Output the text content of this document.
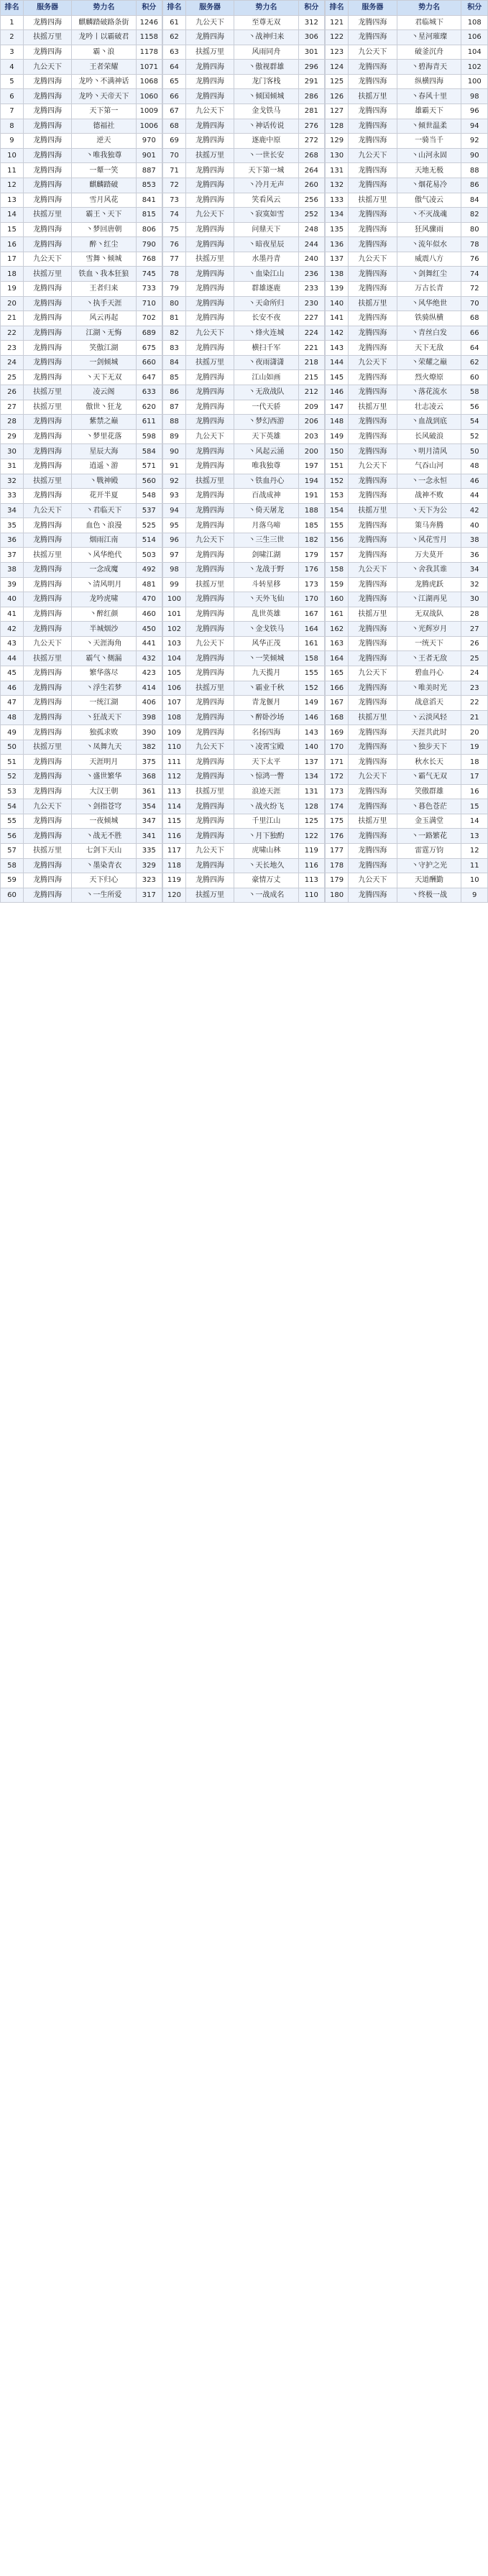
排名	服务器	势力名	积分
1	龙腾四海	麒麟踏破路条街	1246
2	扶摇万里	龙吟丨以霸破君	1158
3	龙腾四海	霸丶浪	1178
4	九公天下	王者荣耀	1071
5	龙腾四海	龙吟丶不满神话	1068
6	龙腾四海	龙吟丶天帝天下	1060
7	龙腾四海	天下第一	1009
8	龙腾四海	德福社	1006
9	龙腾四海	逆天	970
10	龙腾四海	丶唯我独尊	901
11	龙腾四海	一颦一笑	887
12	龙腾四海	麒麟踏破	853
13	龙腾四海	雪月风花	841
14	扶摇万里	霸王丶天下	815
15	龙腾四海	丶梦回唐朝	806
16	龙腾四海	醉丶红尘	790
17	九公天下	雪舞丶倾城	768
18	扶摇万里	铁血丶我本狂狼	745
19	龙腾四海	王者归来	733
20	龙腾四海	丶执手天涯	710
21	龙腾四海	风云再起	702
22	龙腾四海	江湖丶无悔	689
23	龙腾四海	笑傲江湖	675
24	龙腾四海	一剑倾城	660
25	龙腾四海	丶天下无双	647
26	扶摇万里	凌云阁	633
27	扶摇万里	傲世丶狂龙	620
28	龙腾四海	紫禁之巅	611
29	龙腾四海	丶梦里花落	598
30	龙腾四海	星辰大海	584
31	龙腾四海	逍遥丶游	571
32	扶摇万里	丶戰神殿	560
33	龙腾四海	花开半夏	548
34	九公天下	丶君临天下	537
35	龙腾四海	血色丶浪漫	525
36	龙腾四海	烟雨江南	514
37	扶摇万里	丶风华绝代	503
38	龙腾四海	一念成魔	492
39	龙腾四海	丶清风明月	481
40	龙腾四海	龙吟虎啸	470
41	龙腾四海	丶醉红颜	460
42	龙腾四海	半城烟沙	450
43	九公天下	丶天涯海角	441
44	扶摇万里	霸气丶侧漏	432
45	龙腾四海	繁华落尽	423
46	龙腾四海	丶浮生若梦	414
47	龙腾四海	一统江湖	406
48	龙腾四海	丶狂战天下	398
49	龙腾四海	独孤求败	390
50	扶摇万里	丶凤舞九天	382
51	龙腾四海	天涯明月	375
52	龙腾四海	丶盛世繁华	368
53	龙腾四海	大汉王朝	361
54	九公天下	丶剑指苍穹	354
55	龙腾四海	一夜倾城	347
56	龙腾四海	丶战无不胜	341
57	扶摇万里	七剑下天山	335
58	龙腾四海	丶墨染青衣	329
59	龙腾四海	天下归心	323
60	龙腾四海	丶一生所爱	317
排名	服务器	势力名	积分
61	九公天下	至尊无双	312
62	龙腾四海	丶战神归来	306
63	扶摇万里	风雨同舟	301
64	龙腾四海	丶傲视群雄	296
65	龙腾四海	龙门客栈	291
66	龙腾四海	丶倾国倾城	286
67	九公天下	金戈铁马	281
68	龙腾四海	丶神话传说	276
69	龙腾四海	逐鹿中原	272
70	扶摇万里	丶一世长安	268
71	龙腾四海	天下第一城	264
72	龙腾四海	丶冷月无声	260
73	龙腾四海	笑看风云	256
74	九公天下	丶寂寞如雪	252
75	龙腾四海	问鼎天下	248
76	龙腾四海	丶暗夜星辰	244
77	扶摇万里	水墨丹青	240
78	龙腾四海	丶血染江山	236
79	龙腾四海	群雄逐鹿	233
80	龙腾四海	丶天命所归	230
81	龙腾四海	长安不夜	227
82	九公天下	丶烽火连城	224
83	龙腾四海	横扫千军	221
84	扶摇万里	丶夜雨潇潇	218
85	龙腾四海	江山如画	215
86	龙腾四海	丶无敌战队	212
87	龙腾四海	一代天骄	209
88	龙腾四海	丶梦幻西游	206
89	九公天下	天下英雄	203
90	龙腾四海	丶风起云涌	200
91	龙腾四海	唯我独尊	197
92	扶摇万里	丶铁血丹心	194
93	龙腾四海	百战成神	191
94	龙腾四海	丶倚天屠龙	188
95	龙腾四海	月落乌啼	185
96	九公天下	丶三生三世	182
97	龙腾四海	剑啸江湖	179
98	龙腾四海	丶龙战于野	176
99	扶摇万里	斗转星移	173
100	龙腾四海	丶天外飞仙	170
101	龙腾四海	乱世英雄	167
102	龙腾四海	丶金戈铁马	164
103	九公天下	风华正茂	161
104	龙腾四海	丶一笑倾城	158
105	龙腾四海	九天揽月	155
106	扶摇万里	丶霸业千秋	152
107	龙腾四海	青龙偃月	149
108	龙腾四海	丶醉卧沙场	146
109	龙腾四海	名扬四海	143
110	九公天下	丶凌霄宝殿	140
111	龙腾四海	天下太平	137
112	龙腾四海	丶惊鸿一瞥	134
113	扶摇万里	浪迹天涯	131
114	龙腾四海	丶战火纷飞	128
115	龙腾四海	千里江山	125
116	龙腾四海	丶月下独酌	122
117	九公天下	虎啸山林	119
118	龙腾四海	丶天长地久	116
119	龙腾四海	豪情万丈	113
120	扶摇万里	丶一战成名	110
排名	服务器	势力名	积分
121	龙腾四海	君临城下	108
122	龙腾四海	丶星河璀璨	106
123	九公天下	破釜沉舟	104
124	龙腾四海	丶碧海青天	102
125	龙腾四海	纵横四海	100
126	扶摇万里	丶春风十里	98
127	龙腾四海	雄霸天下	96
128	龙腾四海	丶倾世温柔	94
129	龙腾四海	一骑当千	92
130	九公天下	丶山河永固	90
131	龙腾四海	天地无极	88
132	龙腾四海	丶烟花易冷	86
133	扶摇万里	傲气凌云	84
134	龙腾四海	丶不灭战魂	82
135	龙腾四海	狂风骤雨	80
136	龙腾四海	丶流年似水	78
137	九公天下	威震八方	76
138	龙腾四海	丶剑舞红尘	74
139	龙腾四海	万古长青	72
140	扶摇万里	丶风华绝世	70
141	龙腾四海	铁骑纵横	68
142	龙腾四海	丶青丝白发	66
143	龙腾四海	天下无敌	64
144	九公天下	丶荣耀之巅	62
145	龙腾四海	烈火燎原	60
146	龙腾四海	丶落花流水	58
147	扶摇万里	壮志凌云	56
148	龙腾四海	丶血战到底	54
149	龙腾四海	长风破浪	52
150	龙腾四海	丶明月清风	50
151	九公天下	气吞山河	48
152	龙腾四海	丶一念永恒	46
153	龙腾四海	战神不败	44
154	扶摇万里	丶天下为公	42
155	龙腾四海	策马奔腾	40
156	龙腾四海	丶风花雪月	38
157	龙腾四海	万夫莫开	36
158	九公天下	丶舍我其谁	34
159	龙腾四海	龙腾虎跃	32
160	龙腾四海	丶江湖再见	30
161	扶摇万里	无双战队	28
162	龙腾四海	丶光辉岁月	27
163	龙腾四海	一统天下	26
164	龙腾四海	丶王者无敌	25
165	九公天下	碧血丹心	24
166	龙腾四海	丶唯美时光	23
167	龙腾四海	战意滔天	22
168	扶摇万里	丶云淡风轻	21
169	龙腾四海	天涯共此时	20
170	龙腾四海	丶独步天下	19
171	龙腾四海	秋水长天	18
172	九公天下	丶霸气无双	17
173	龙腾四海	笑傲群雄	16
174	龙腾四海	丶暮色苍茫	15
175	扶摇万里	金玉满堂	14
176	龙腾四海	丶一路繁花	13
177	龙腾四海	雷霆万钧	12
178	龙腾四海	丶守护之光	11
179	九公天下	天道酬勤	10
180	龙腾四海	丶终极一战	9
